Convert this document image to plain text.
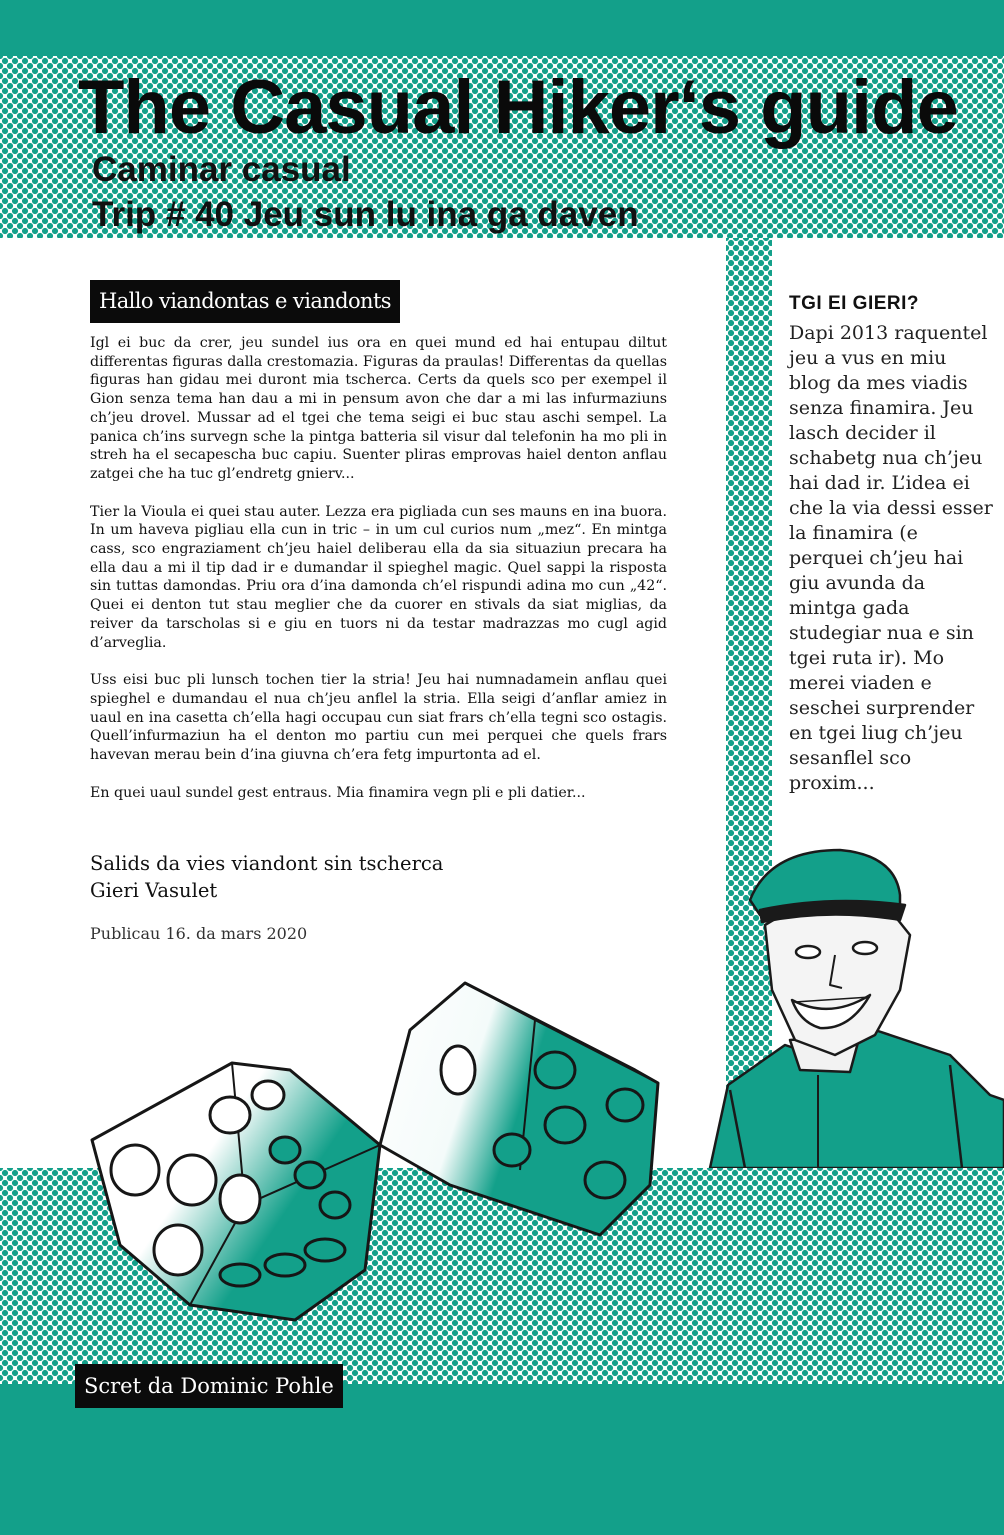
The Casual Hiker‘s guide
Caminar casual
Trip # 40 Jeu sun lu ina ga daven
Hallo viandontas e viandonts

Igl ei buc da crer, jeu sundel ius ora en quei mund ed hai entupau diltut differentas figuras dalla crestomazia. Figuras da praulas! Differentas da quellas figuras han gidau mei duront mia tscherca. Certs da quels sco per exempel il Gion senza tema han dau a mi in pensum avon che dar a mi las infurmaziuns ch’jeu drovel. Mussar ad el tgei che tema seigi ei buc stau aschi sempel. La panica ch’ins survegn sche la pintga batteria sil visur dal telefonin ha mo pli in streh ha el secapescha buc capiu. Suenter pliras emprovas haiel denton anflau zatgei che ha tuc gl’endretg gnierv...

Tier la Vioula ei quei stau auter. Lezza era pigliada cun ses mauns en ina buora. In um haveva pigliau ella cun in tric – in um cul curios num „mez“. En mintga cass, sco engraziament ch’jeu haiel deliberau ella da sia situaziun precara ha ella dau a mi il tip dad ir e dumandar il spieghel magic. Quel sappi la risposta sin tuttas damondas. Priu ora d’ina damonda ch’el rispundi adina mo cun „42“. Quei ei denton tut stau meglier che da cuorer en stivals da siat miglias, da reiver da tarscholas si e giu en tuors ni da testar madrazzas mo cugl agid d’arveglia.

Uss eisi buc pli lunsch tochen tier la stria! Jeu hai numnadamein anflau quei spieghel e dumandau el nua ch’jeu anflel la stria. Ella seigi d’anflar amiez in uaul en ina casetta ch’ella hagi occupau cun siat frars ch’ella tegni sco ostagis. Quell’infurmaziun ha el denton mo partiu cun mei perquei che quels frars havevan merau bein d’ina giuvna ch’era fetg impurtonta ad el.

En quei uaul sundel gest entraus. Mia finamira vegn pli e pli datier...

Salids da vies viandont sin tscherca
Gieri Vasulet
Publicau 16. da mars 2020
TGI EI GIERI?
Dapi 2013 raquentel jeu a vus en miu blog da mes viadis senza finamira. Jeu lasch decider il schabetg nua ch’jeu hai dad ir. L’idea ei che la via dessi esser la finamira (e perquei ch’jeu hai giu avunda da mintga gada studegiar nua e sin tgei ruta ir). Mo merei viaden e seschei surprender en tgei liug ch’jeu sesanflel sco proxim...
Scret da Dominic Pohle
